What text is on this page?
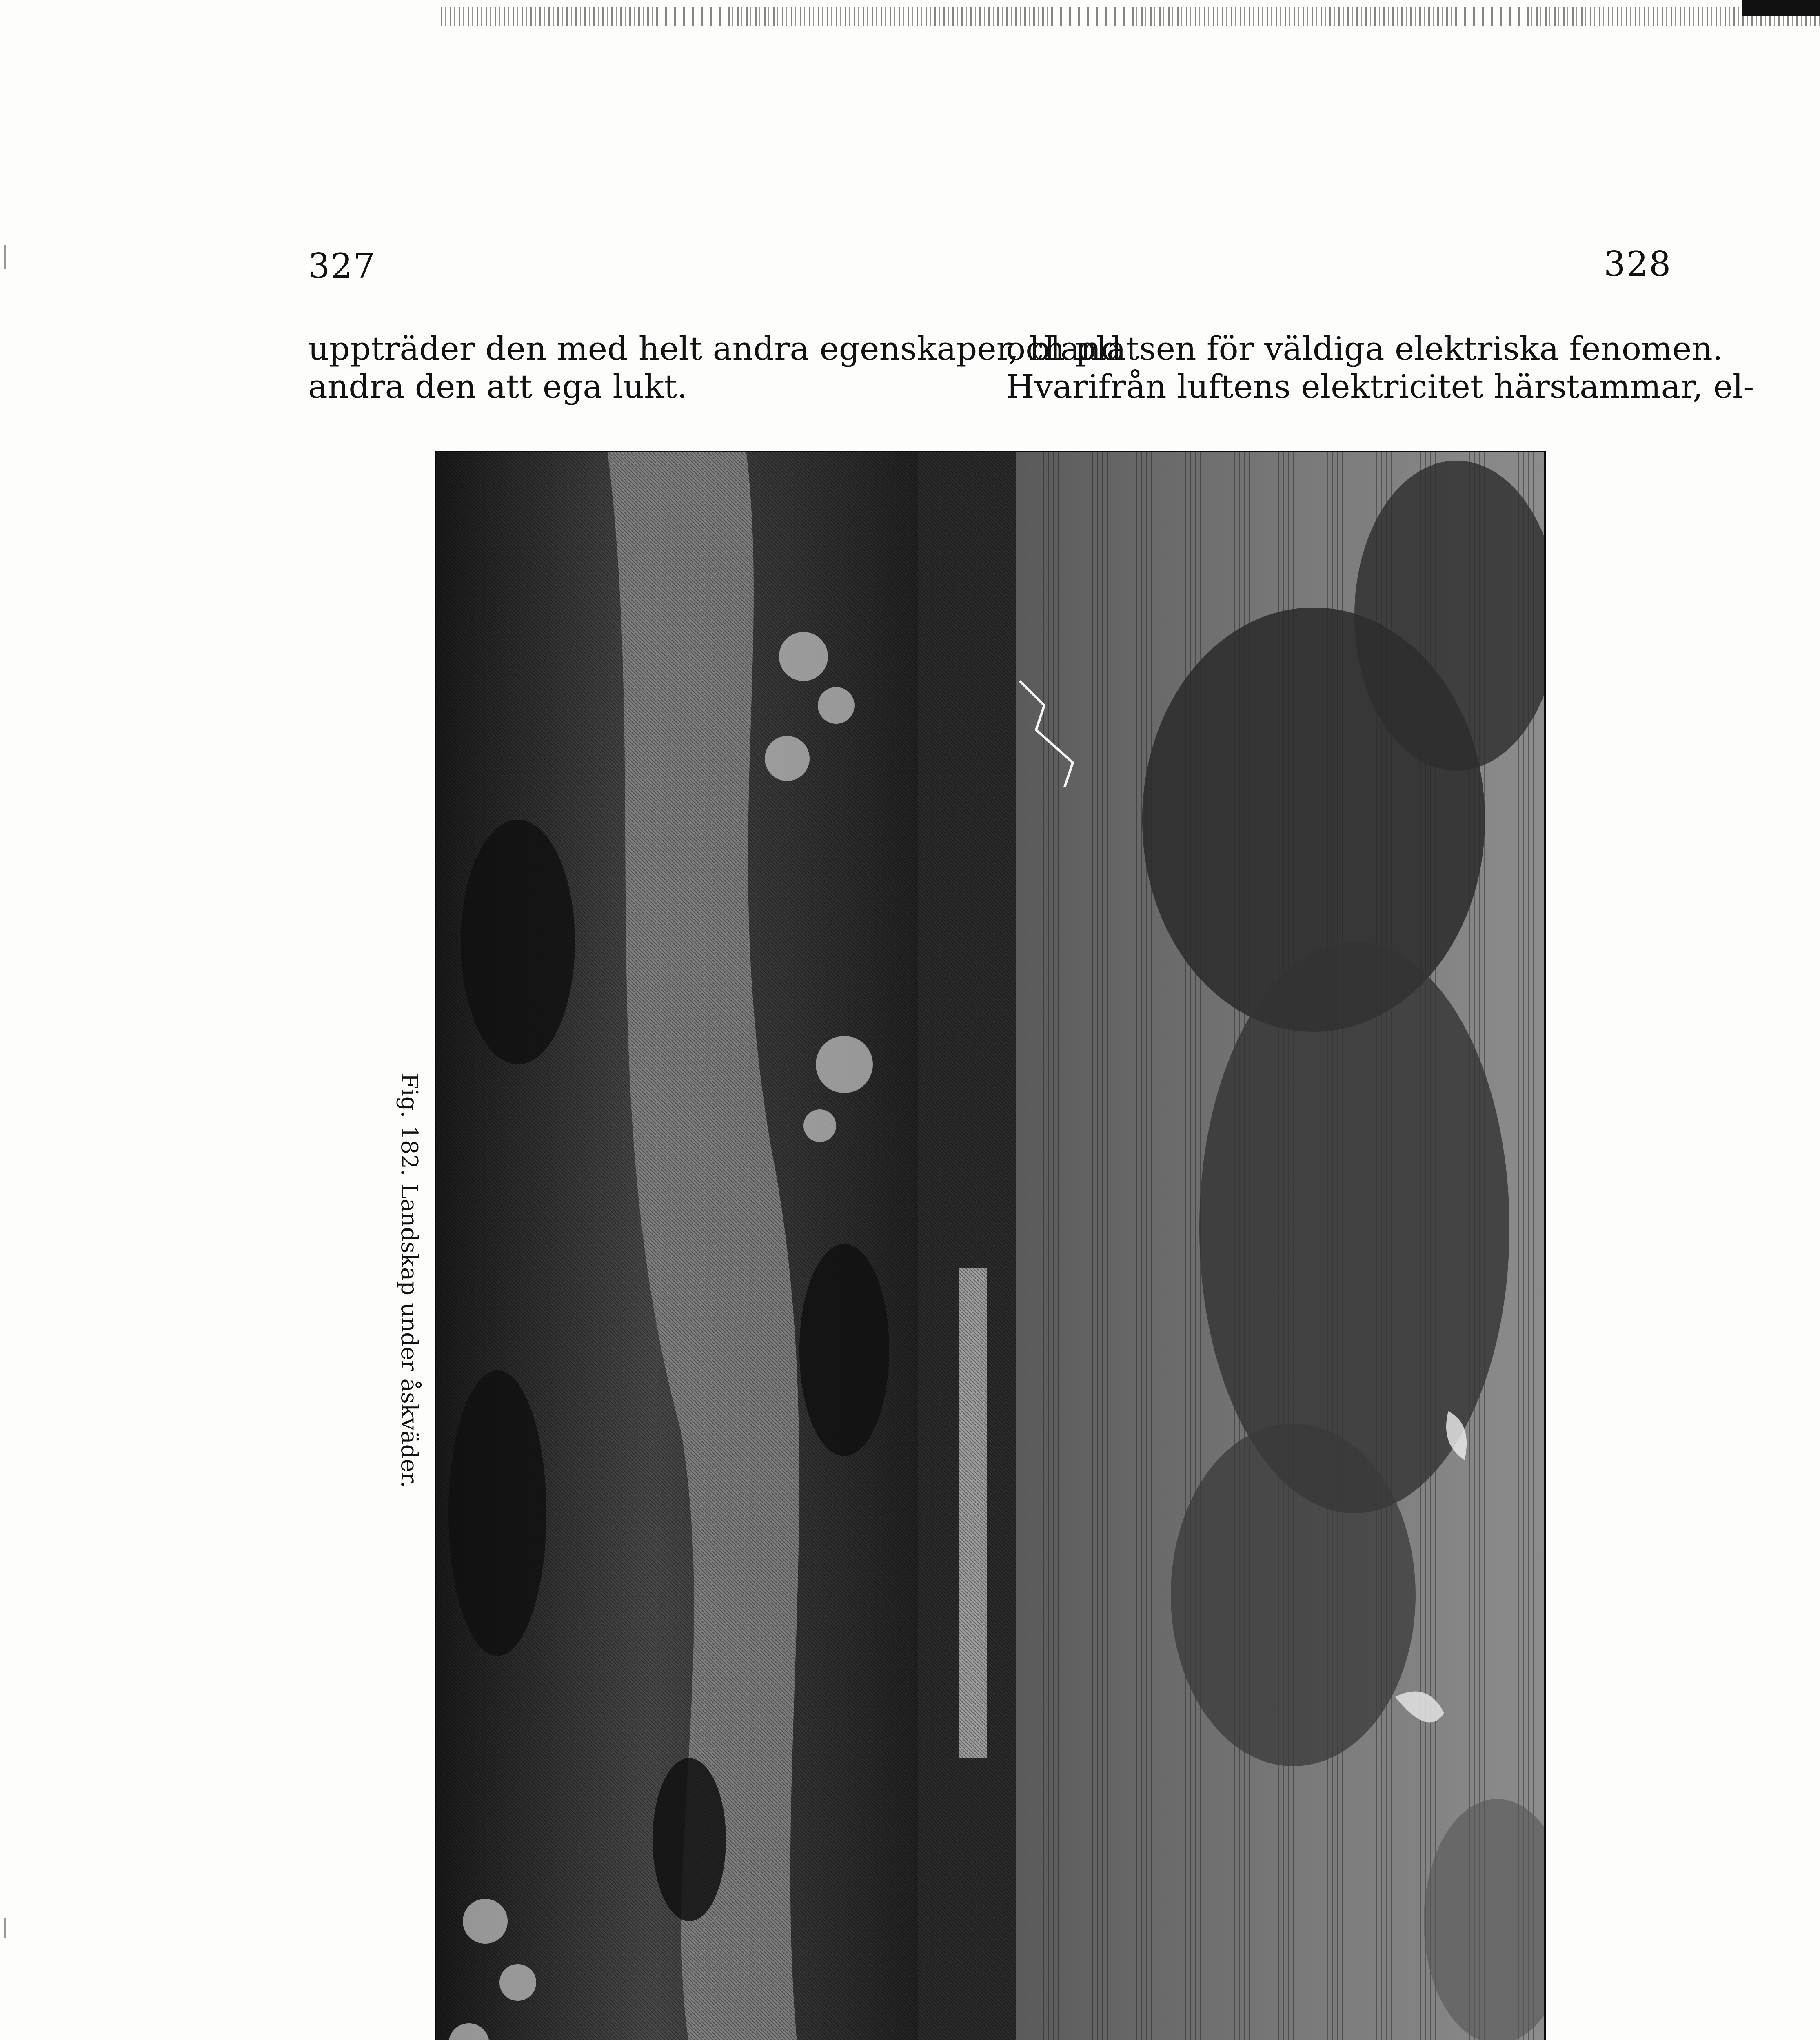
327	328
uppträder den med helt andra egenskaper, bland
andra den att ega lukt.
och platsen för väldiga elektriska fenomen.
Hvarifrån luftens elektricitet härstammar, el-
Fig. 182. Landskap under åskväder.
